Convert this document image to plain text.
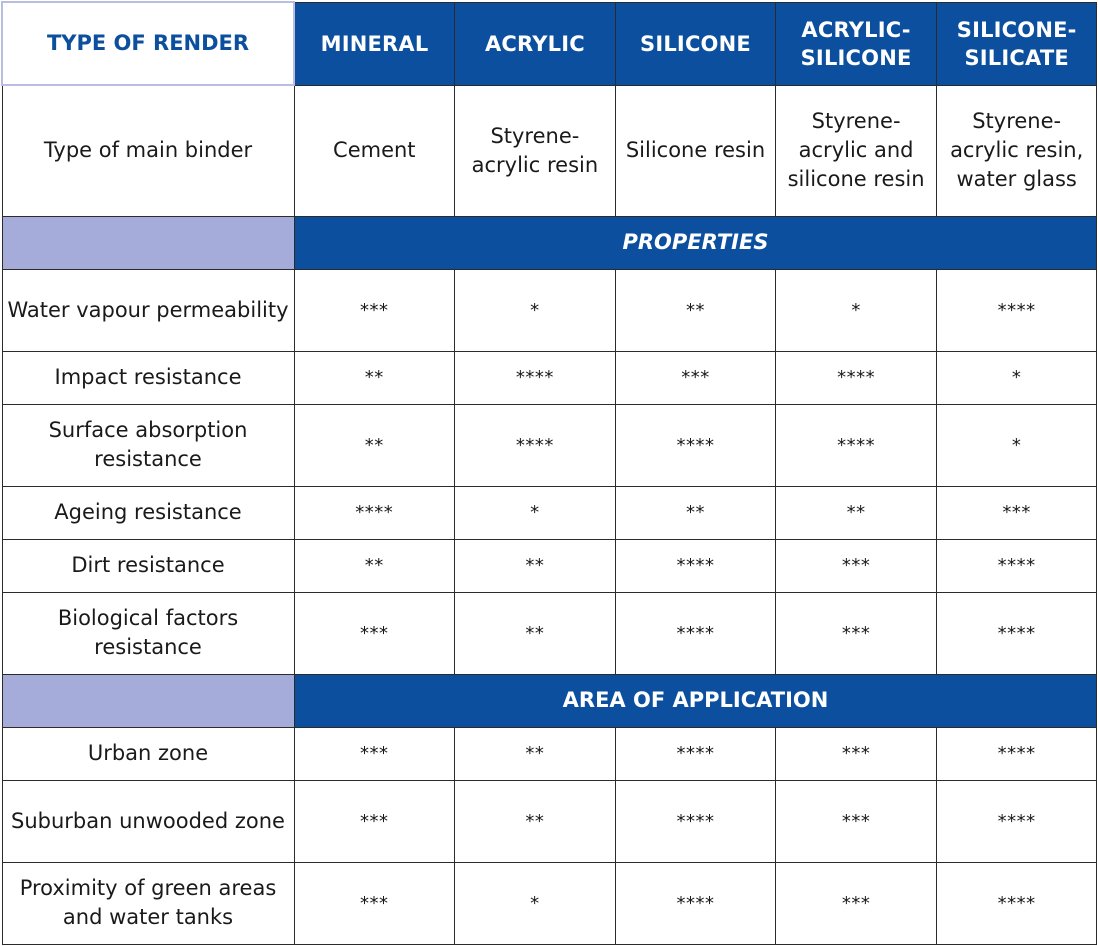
TYPE OF RENDER	MINERAL	ACRYLIC	SILICONE	ACRYLIC-SILICONE	SILICONE-SILICATE
Type of main binder	Cement	Styrene-acrylic resin	Silicone resin	Styrene-acrylic and silicone resin	Styrene-acrylic resin, water glass
	PROPERTIES				
Water vapour permeability	***	*	**	*	****
Impact resistance	**	****	***	****	*
Surface absorption resistance	**	****	****	****	*
Ageing resistance	****	*	**	**	***
Dirt resistance	**	**	****	***	****
Biological factors resistance	***	**	****	***	****
	AREA OF APPLICATION				
Urban zone	***	**	****	***	****
Suburban unwooded zone	***	**	****	***	****
Proximity of green areas and water tanks	***	*	****	***	****
